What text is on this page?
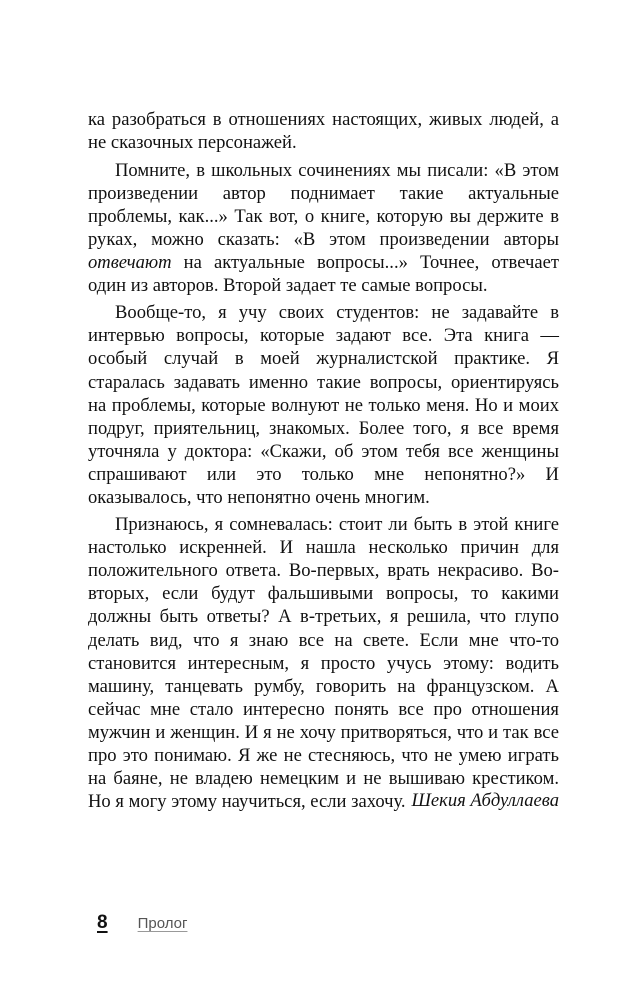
ка разобраться в отношениях настоящих, живых людей, а не сказочных персонажей.

Помните, в школьных сочинениях мы писали: «В этом произведении автор поднимает такие актуальные проблемы, как...» Так вот, о книге, которую вы держите в руках, можно сказать: «В этом произведении авторы отвечают на актуальные вопросы...» Точнее, отвечает один из авторов. Второй задает те самые вопросы.

Вообще-то, я учу своих студентов: не задавайте в интервью вопросы, которые задают все. Эта книга — особый случай в моей журналистской практике. Я старалась задавать именно такие вопросы, ориентируясь на проблемы, которые волнуют не только меня. Но и моих подруг, приятельниц, знакомых. Более того, я все время уточняла у доктора: «Скажи, об этом тебя все женщины спрашивают или это только мне непонятно?» И оказывалось, что непонятно очень многим.

Признаюсь, я сомневалась: стоит ли быть в этой книге настолько искренней. И нашла несколько причин для положительного ответа. Во-первых, врать некрасиво. Во-вторых, если будут фальшивыми вопросы, то какими должны быть ответы? А в-третьих, я решила, что глупо делать вид, что я знаю все на свете. Если мне что-то становится интересным, я просто учусь этому: водить машину, танцевать румбу, говорить на французском. А сейчас мне стало интересно понять все про отношения мужчин и женщин. И я не хочу притворяться, что и так все про это понимаю. Я же не стесняюсь, что не умею играть на баяне, не владею немецким и не вышиваю крестиком. Но я могу этому научиться, если захочу. Шекия Абдуллаева
8 Пролог
